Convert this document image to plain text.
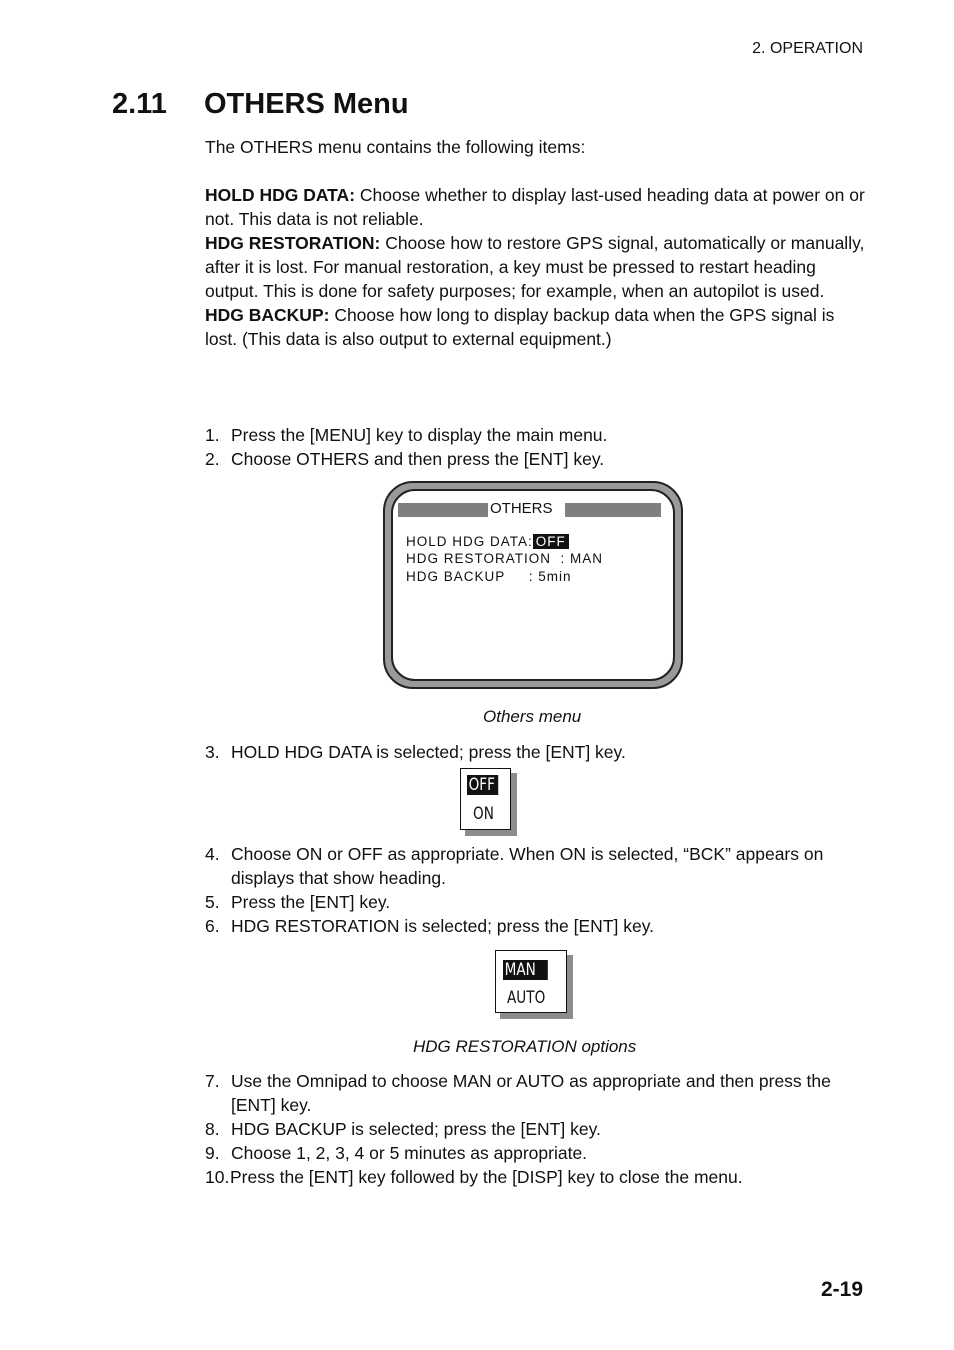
2. OPERATION
2.11 OTHERS Menu

The OTHERS menu contains the following items:

HOLD HDG DATA: Choose whether to display last-used heading data at power on or not. This data is not reliable.
HDG RESTORATION: Choose how to restore GPS signal, automatically or manually, after it is lost. For manual restoration, a key must be pressed to restart heading output. This is done for safety purposes; for example, when an autopilot is used.
HDG BACKUP: Choose how long to display backup data when the GPS signal is lost. (This data is also output to external equipment.)
1. Press the [MENU] key to display the main menu.
2. Choose OTHERS and then press the [ENT] key.
OTHERS
HOLD HDG DATA: OFF
HDG RESTORATION  : MAN
HDG BACKUP     : 5min
Others menu
3. HOLD HDG DATA is selected; press the [ENT] key.
OFF
ON
4. Choose ON or OFF as appropriate. When ON is selected, “BCK” appears on displays that show heading.
5. Press the [ENT] key.
6. HDG RESTORATION is selected; press the [ENT] key.
MAN
AUTO
HDG RESTORATION options
7. Use the Omnipad to choose MAN or AUTO as appropriate and then press the [ENT] key.
8. HDG BACKUP is selected; press the [ENT] key.
9. Choose 1, 2, 3, 4 or 5 minutes as appropriate.
10. Press the [ENT] key followed by the [DISP] key to close the menu.
2-19
